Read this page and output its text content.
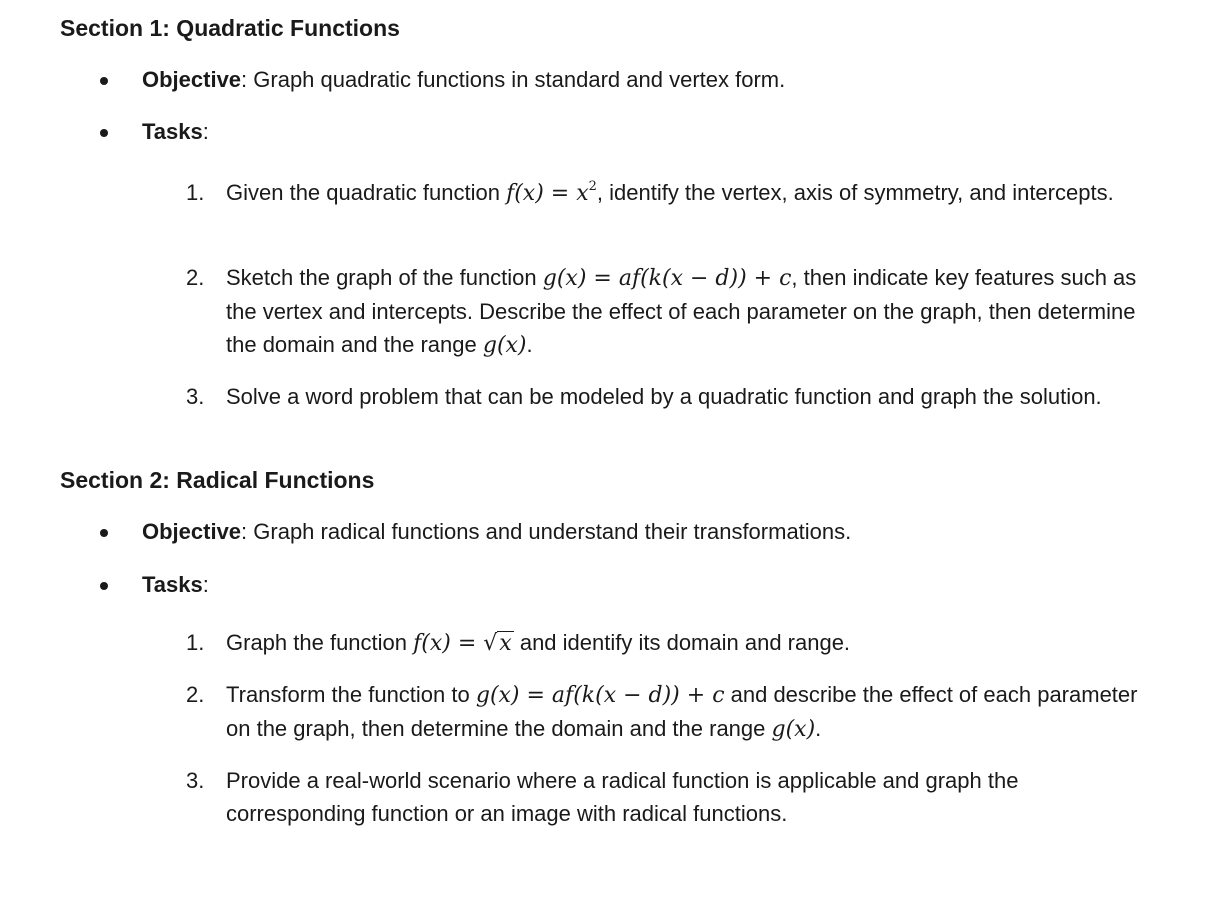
Section 1: Quadratic Functions
Objective: Graph quadratic functions in standard and vertex form.
Tasks:
1. Given the quadratic function $f(x) = x^2$, identify the vertex, axis of symmetry, and intercepts.
2. Sketch the graph of the function g(x) = af(k(x − d)) + c, then indicate key features such as the vertex and intercepts. Describe the effect of each parameter on the graph, then determine the domain and the range g(x).
3. Solve a word problem that can be modeled by a quadratic function and graph the solution.
Section 2: Radical Functions
Objective: Graph radical functions and understand their transformations.
Tasks:
1. Graph the function f(x) = √x and identify its domain and range.
2. Transform the function to g(x) = af(k(x − d)) + c and describe the effect of each parameter on the graph, then determine the domain and the range g(x).
3. Provide a real-world scenario where a radical function is applicable and graph the corresponding function or an image with radical functions.
